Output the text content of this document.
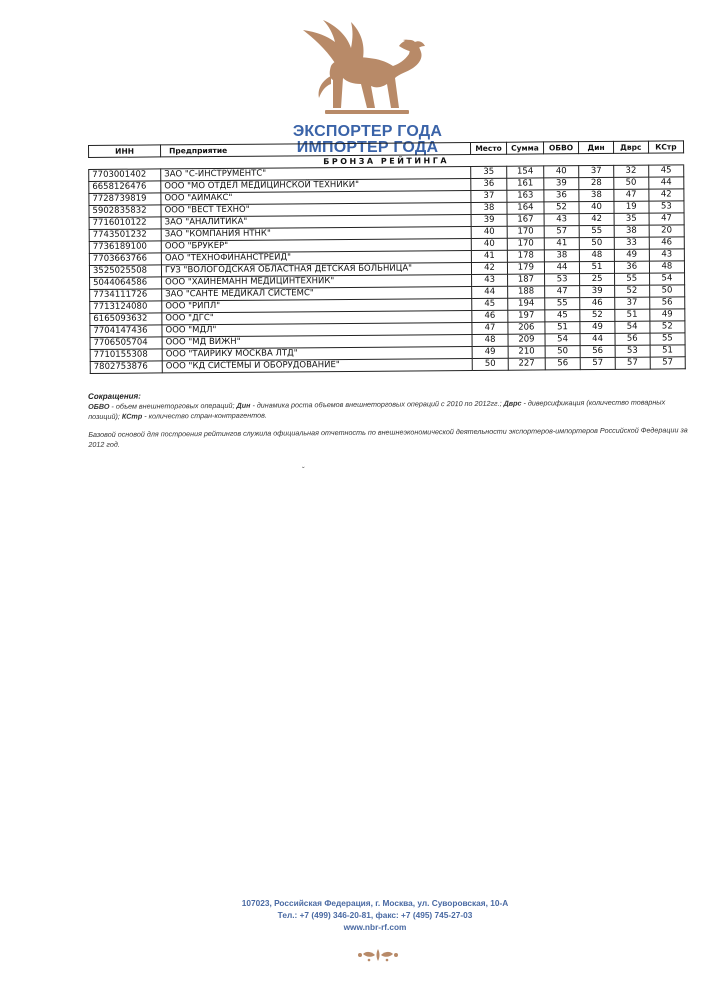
ЭКСПОРТЕР ГОДА
ИМПОРТЕР ГОДА
ИНН	Предприятие	Место	Сумма	ОБВО	Дин	Дврс	КСтр
БРОНЗА РЕЙТИНГА							
7703001402	ЗАО "С-ИНСТРУМЕНТС"	35	154	40	37	32	45
6658126476	ООО "МО ОТДЕЛ МЕДИЦИНСКОЙ ТЕХНИКИ"	36	161	39	28	50	44
7728739819	ООО "АЙМАКС"	37	163	36	38	47	42
5902835832	ООО "ВЕСТ ТЕХНО"	38	164	52	40	19	53
7716010122	ЗАО "АНАЛИТИКА"	39	167	43	42	35	47
7743501232	ЗАО "КОМПАНИЯ НТНК"	40	170	57	55	38	20
7736189100	ООО "БРУКЕР"	40	170	41	50	33	46
7703663766	ОАО "ТЕХНОФИНАНСТРЕЙД"	41	178	38	48	49	43
3525025508	ГУЗ "ВОЛОГОДСКАЯ ОБЛАСТНАЯ ДЕТСКАЯ БОЛЬНИЦА"	42	179	44	51	36	48
5044064586	ООО "ХАЙНЕМАНН МЕДИЦИНТЕХНИК"	43	187	53	25	55	54
7734111726	ЗАО "САНТЕ МЕДИКАЛ СИСТЕМС"	44	188	47	39	52	50
7713124080	ООО "РИПЛ"	45	194	55	46	37	56
6165093632	ООО "ДГС"	46	197	45	52	51	49
7704147436	ООО "МДЛ"	47	206	51	49	54	52
7706505704	ООО "МД ВИЖН"	48	209	54	44	56	55
7710155308	ООО "ТАЙРИКУ МОСКВА ЛТД"	49	210	50	56	53	51
7802753876	ООО "КД СИСТЕМЫ И ОБОРУДОВАНИЕ"	50	227	56	57	57	57
Сокращения:

ОБВО - объем внешнеторговых операций; Дин - динамика роста объемов внешнеторговых операций с 2010 по 2012гг.; Дврс - диверсификация (количество товарных позиций); КСтр - количество стран-контрагентов.

Базовой основой для построения рейтингов служила официальная отчетность по внешнеэкономической деятельности экспортеров-импортеров Российской Федерации за 2012 год.

ˇ
107023, Российская Федерация, г. Москва, ул. Суворовская, 10-А
Тел.: +7 (499) 346-20-81, факс: +7 (495) 745-27-03
www.nbr-rf.com
